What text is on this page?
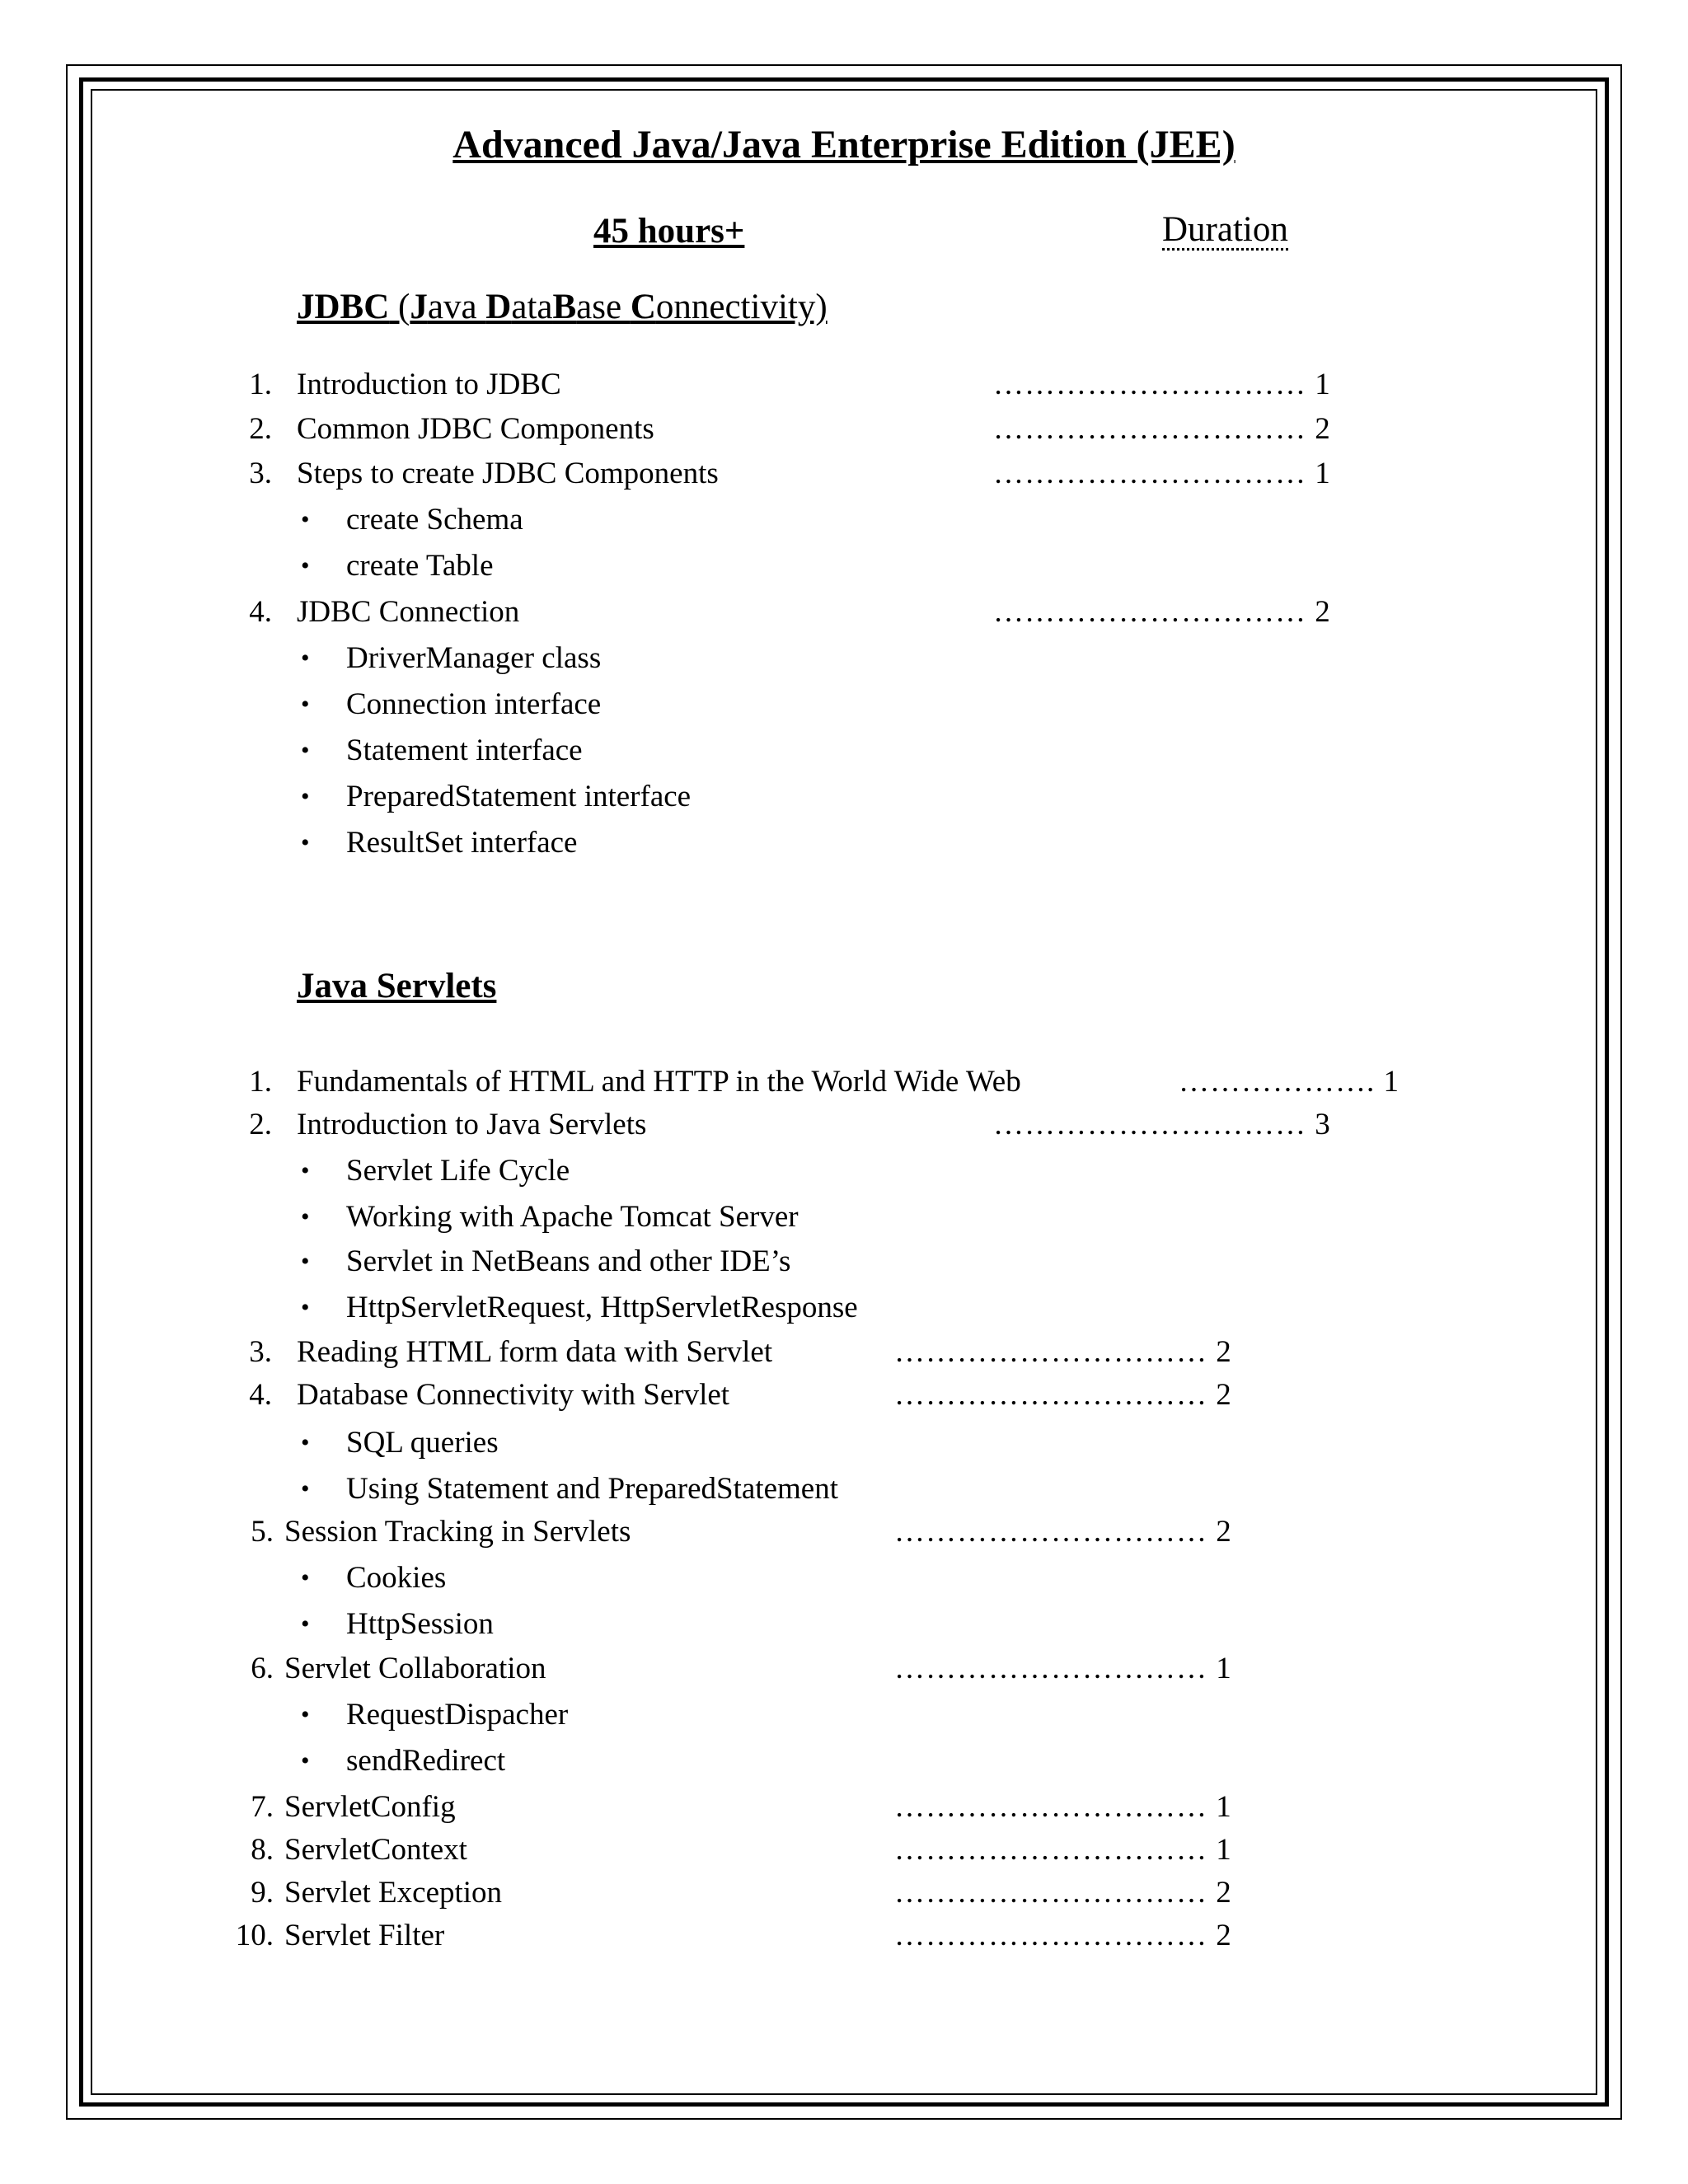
Advanced Java/Java Enterprise Edition (JEE)
45 hours+	Duration
JDBC (Java DataBase Connectivity)
1. Introduction to JDBC	………………………… 1
2. Common JDBC Components	………………………… 2
3. Steps to create JDBC Components	………………………… 1
• create Schema
• create Table
4. JDBC Connection	………………………… 2
• DriverManager class
• Connection interface
• Statement interface
• PreparedStatement interface
• ResultSet interface
Java Servlets
1. Fundamentals of HTML and HTTP in the World Wide Web	………………. 1
2. Introduction to Java Servlets	………………………… 3
• Servlet Life Cycle
• Working with Apache Tomcat Server
• Servlet in NetBeans and other IDE’s
• HttpServletRequest, HttpServletResponse
3. Reading HTML form data with Servlet	………………………… 2
4. Database Connectivity with Servlet	………………………… 2
• SQL queries
• Using Statement and PreparedStatement
5. Session Tracking in Servlets	………………………… 2
• Cookies
• HttpSession
6. Servlet Collaboration	………………………… 1
• RequestDispacher
• sendRedirect
7. ServletConfig	………………………… 1
8. ServletContext	………………………… 1
9. Servlet Exception	………………………… 2
10. Servlet Filter	………………………… 2
